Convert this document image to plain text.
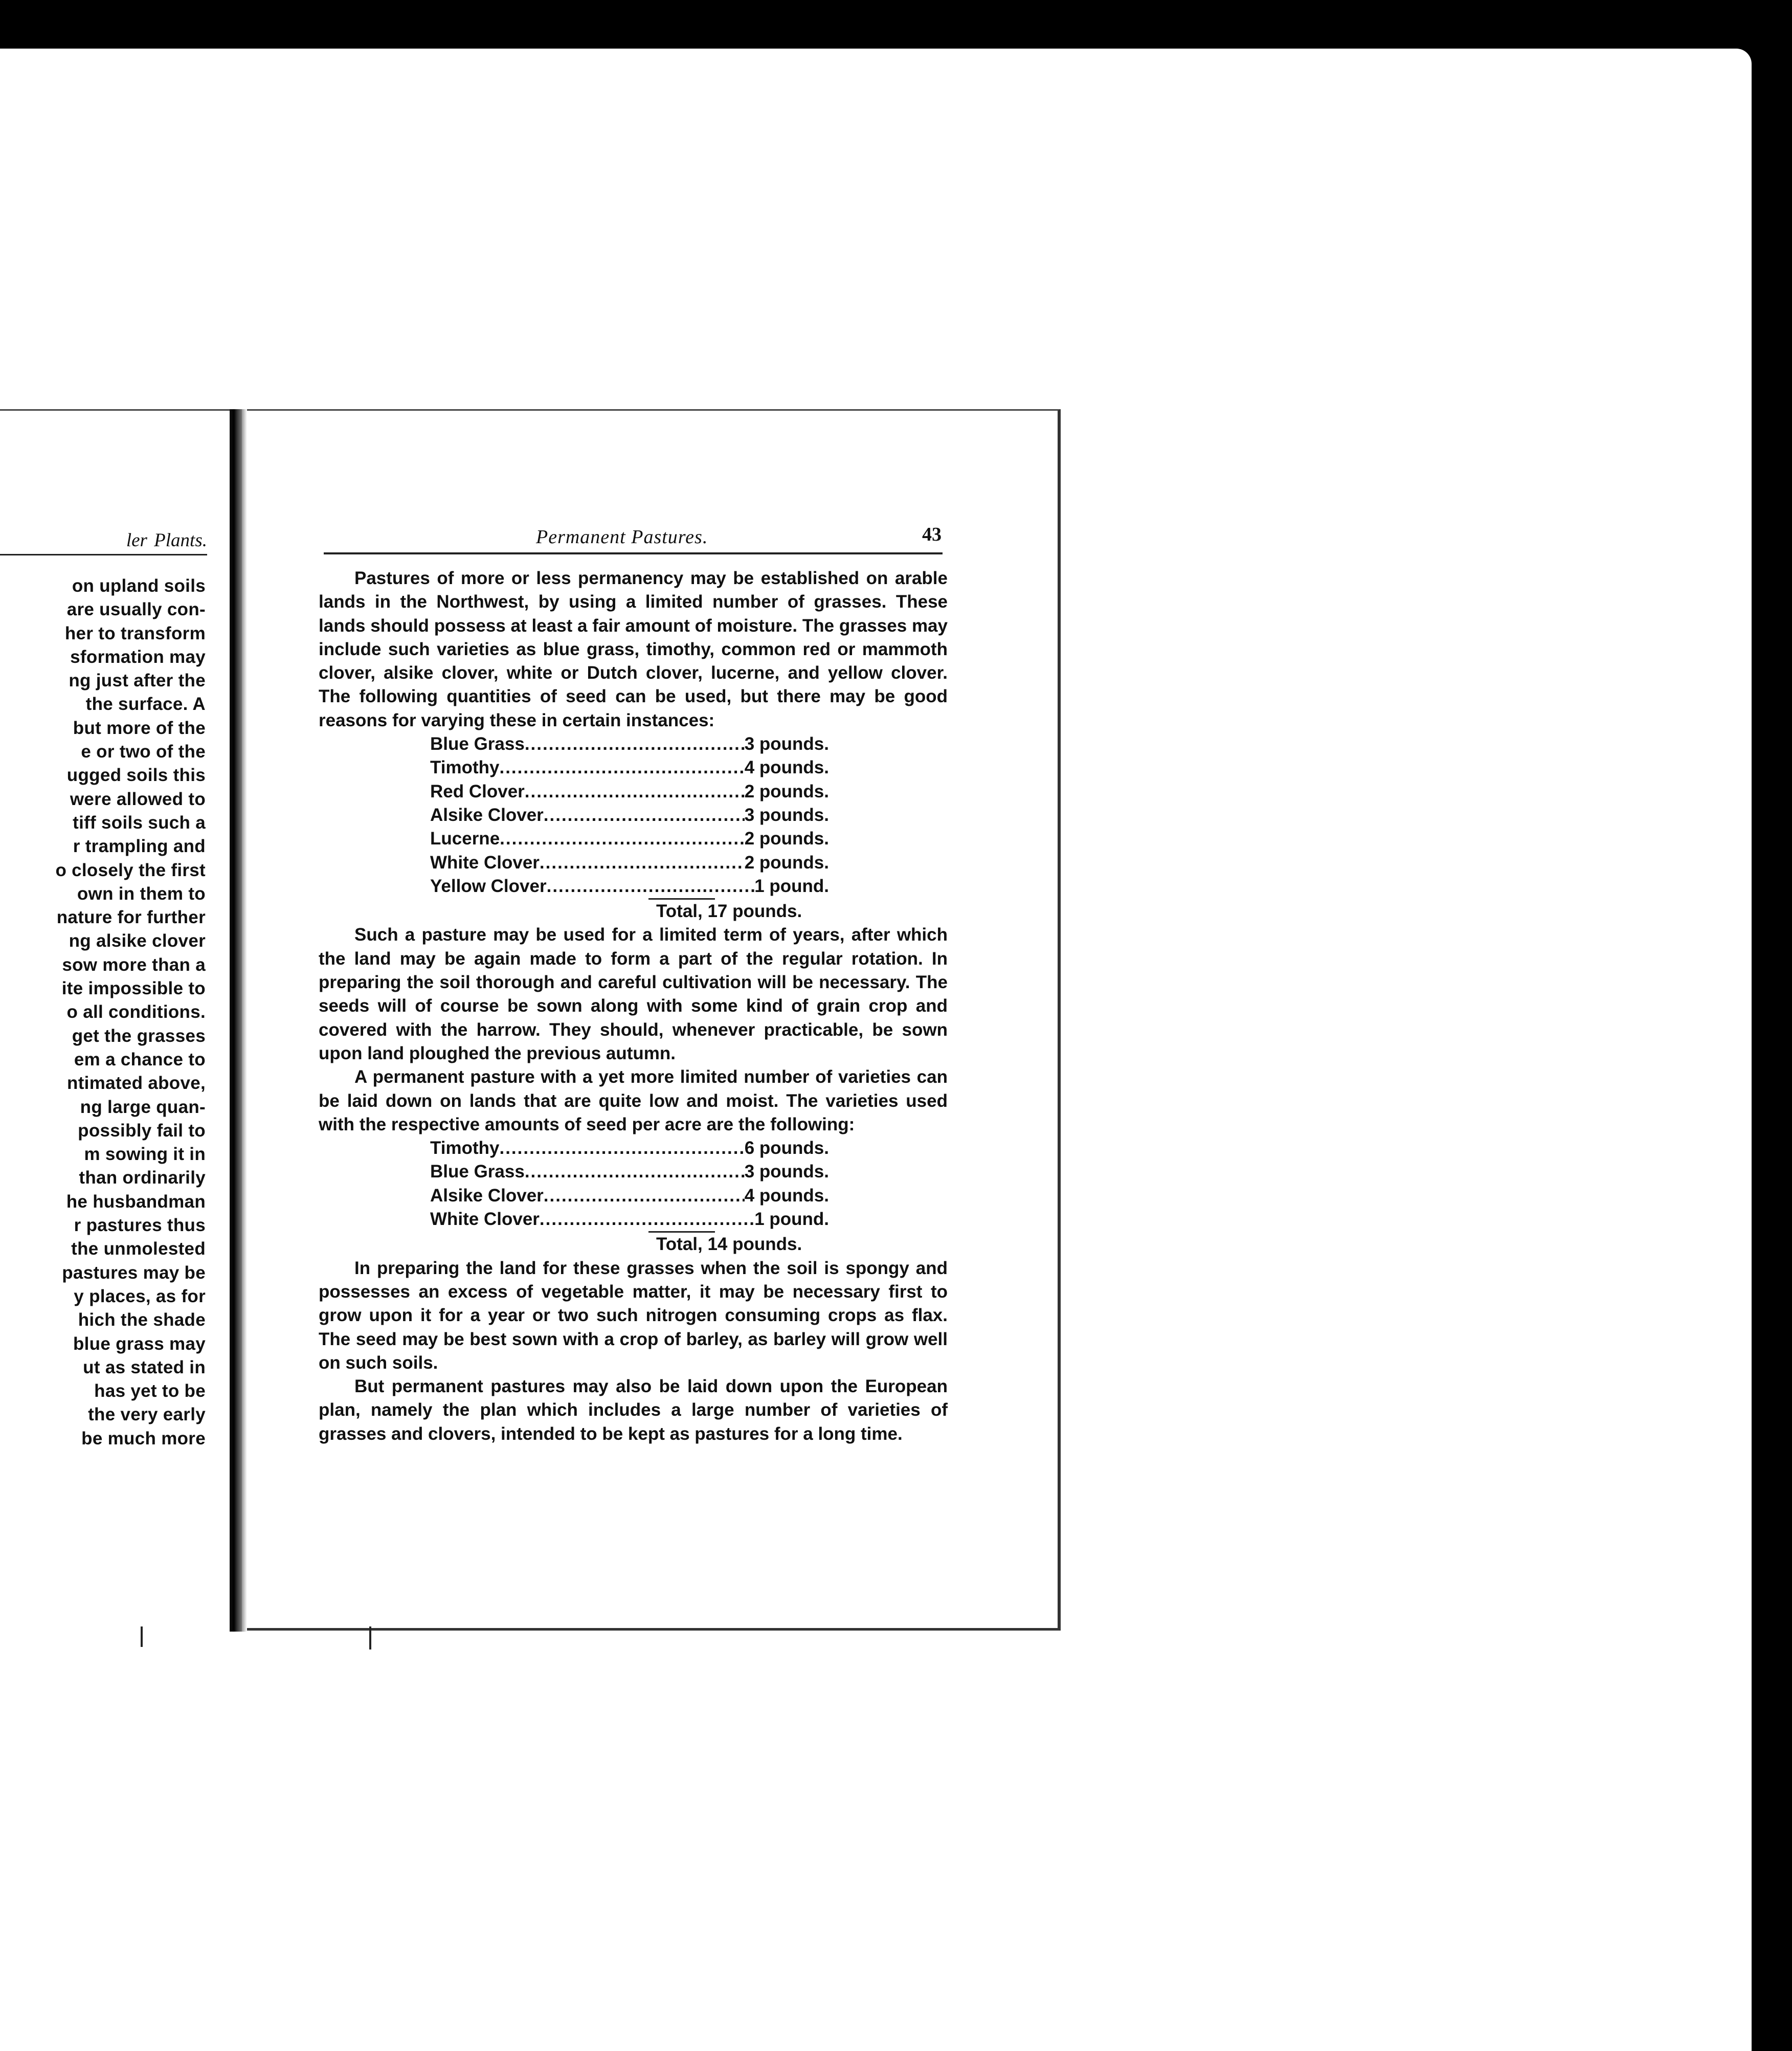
ler Plants.
on upland soils
are usually con-
her to transform
sformation may
ng just after the
the surface. A
but more of the
e or two of the
ugged soils this
were allowed to
tiff soils such a
r trampling and
o closely the first
own in them to
nature for further
ng alsike clover
sow more than a
ite impossible to
o all conditions.
get the grasses
em a chance to
ntimated above,
ng large quan-
possibly fail to
m sowing it in
than ordinarily
he husbandman
r pastures thus
the unmolested
pastures may be
y places, as for
hich the shade
blue grass may
ut as stated in
has yet to be
the very early
be much more
Permanent Pastures.	43
Pastures of more or less permanency may be established on arable lands in the Northwest, by using a limited number of grasses. These lands should possess at least a fair amount of moisture. The grasses may include such varieties as blue grass, timothy, common red or mammoth clover, alsike clover, white or Dutch clover, lucerne, and yellow clover. The following quantities of seed can be used, but there may be good reasons for varying these in certain instances:
Blue Grass .....	3 pounds.
Timothy .....	4 pounds.
Red Clover .....	2 pounds.
Alsike Clover .....	3 pounds.
Lucerne .....	2 pounds.
White Clover .....	2 pounds.
Yellow Clover .....	1 pound.
Total, 17 pounds.
Such a pasture may be used for a limited term of years, after which the land may be again made to form a part of the regular rotation. In preparing the soil thorough and careful cultivation will be necessary. The seeds will of course be sown along with some kind of grain crop and covered with the harrow. They should, whenever practicable, be sown upon land ploughed the previous autumn.
A permanent pasture with a yet more limited number of varieties can be laid down on lands that are quite low and moist. The varieties used with the respective amounts of seed per acre are the following:
Timothy .....	6 pounds.
Blue Grass .....	3 pounds.
Alsike Clover .....	4 pounds.
White Clover .....	1 pound.
Total, 14 pounds.
In preparing the land for these grasses when the soil is spongy and possesses an excess of vegetable matter, it may be necessary first to grow upon it for a year or two such nitrogen consuming crops as flax. The seed may be best sown with a crop of barley, as barley will grow well on such soils.
But permanent pastures may also be laid down upon the European plan, namely the plan which includes a large number of varieties of grasses and clovers, intended to be kept as pastures for a long time.
